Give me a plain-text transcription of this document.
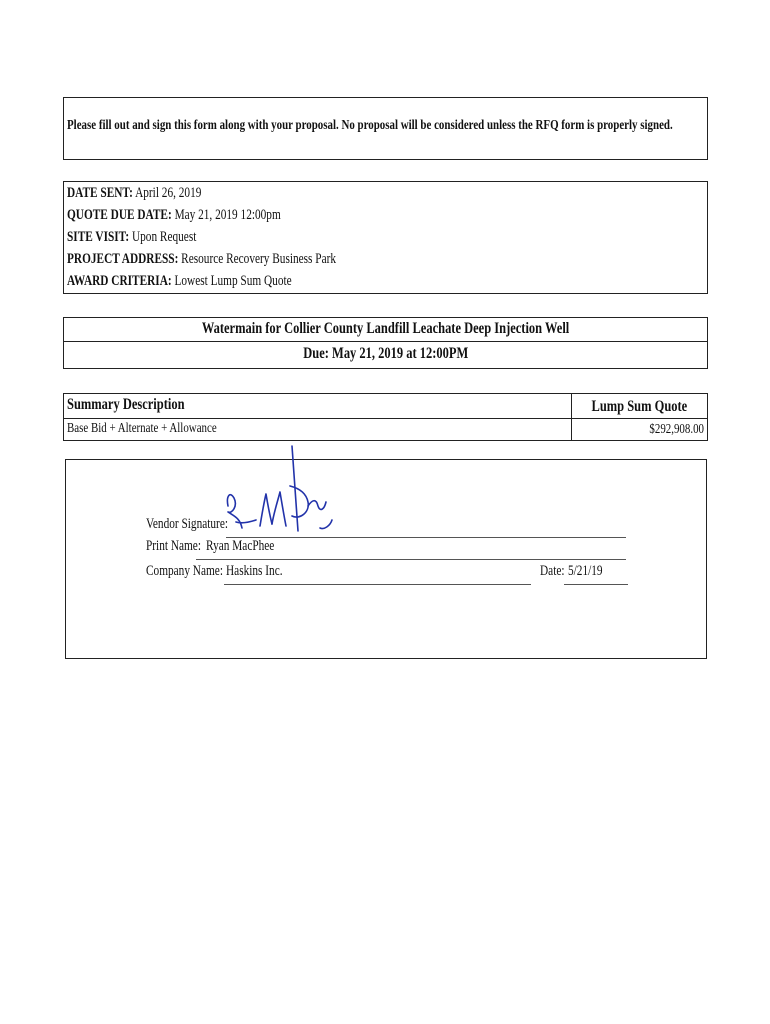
Please fill out and sign this form along with your proposal. No proposal will be considered unless the RFQ form is properly signed.
DATE SENT: April 26, 2019
QUOTE DUE DATE: May 21, 2019 12:00pm
SITE VISIT: Upon Request
PROJECT ADDRESS: Resource Recovery Business Park
AWARD CRITERIA: Lowest Lump Sum Quote
Watermain for Collier County Landfill Leachate Deep Injection Well
Due: May 21, 2019 at 12:00PM
Summary Description	Lump Sum Quote
Base Bid + Alternate + Allowance	$292,908.00
Vendor Signature:
Print Name: Ryan MacPhee
Company Name: Haskins Inc.	Date: 5/21/19
